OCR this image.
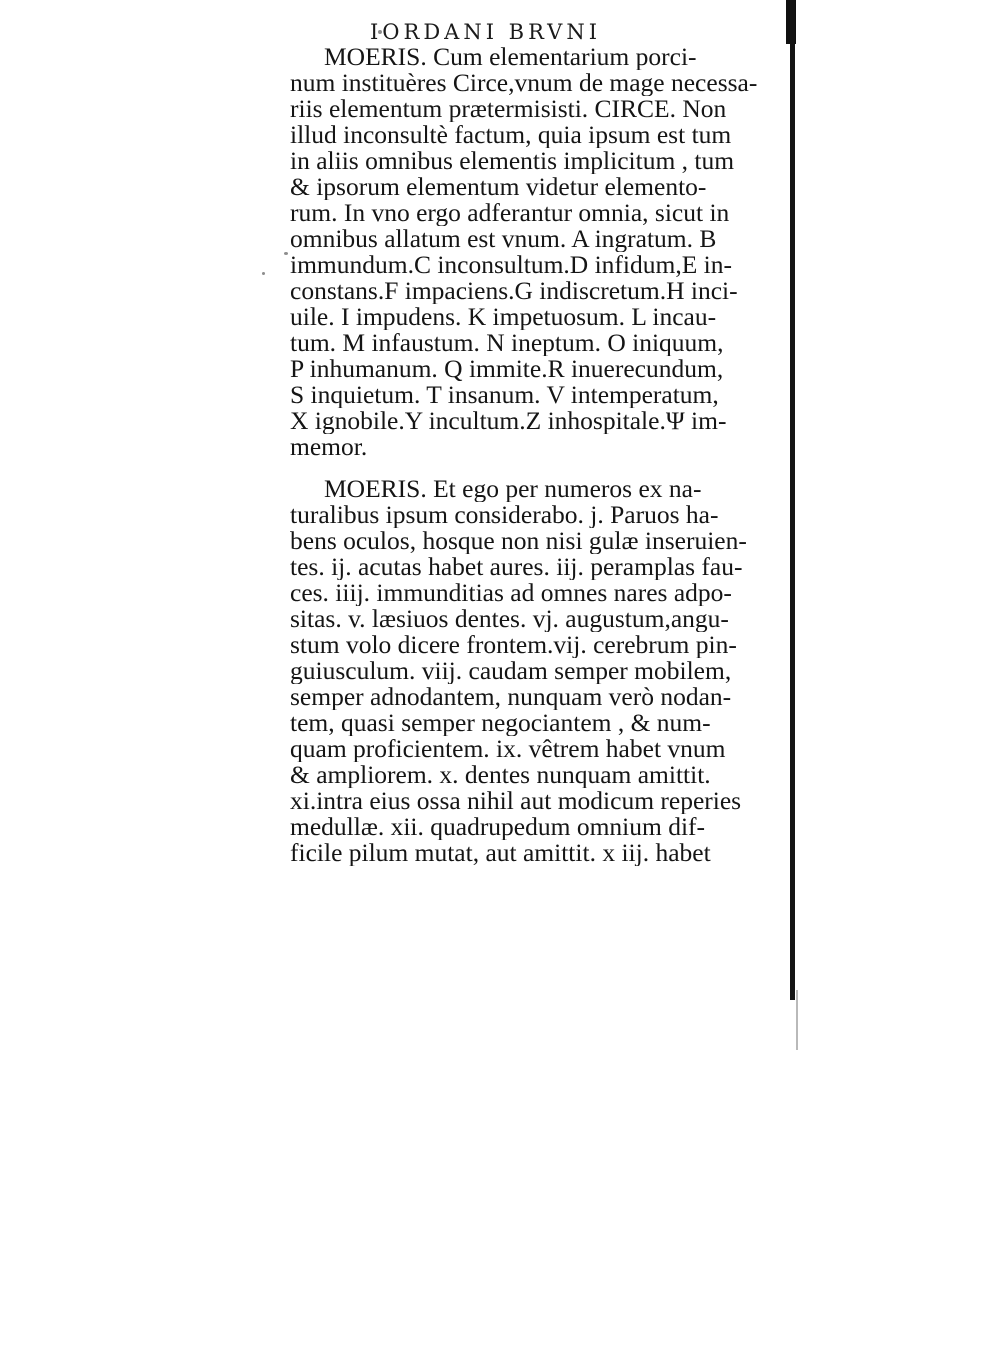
IORDANI BRVNI
MOERIS. Cum elementarium porci-
num instituères Circe,vnum de mage necessa-
riis elementum prætermisisti. CIRCE. Non
illud inconsultè factum, quia ipsum est tum
in aliis omnibus elementis implicitum , tum
& ipsorum elementum videtur elemento-
rum. In vno ergo adferantur omnia, sicut in
omnibus allatum est vnum. A ingratum. B
immundum.C inconsultum.D infidum,E in-
constans.F impaciens.G indiscretum.H inci-
uile. I impudens. K impetuosum. L incau-
tum. M infaustum. N ineptum. O iniquum,
P inhumanum. Q immite.R inuerecundum,
S inquietum. T insanum. V intemperatum,
X ignobile.Y incultum.Z inhospitale.Ψ im-
memor.
MOERIS. Et ego per numeros ex na-
turalibus ipsum considerabo. j. Paruos ha-
bens oculos, hosque non nisi gulæ inseruien-
tes. ij. acutas habet aures. iij. peramplas fau-
ces. iiij. immunditias ad omnes nares adpo-
sitas. v. læsiuos dentes. vj. augustum,angu-
stum volo dicere frontem.vij. cerebrum pin-
guiusculum. viij. caudam semper mobilem,
semper adnodantem, nunquam verò nodan-
tem, quasi semper negociantem , & num-
quam proficientem. ix. vêtrem habet vnum
& ampliorem. x. dentes nunquam amittit.
xi.intra eius ossa nihil aut modicum reperies
medullæ. xii. quadrupedum omnium dif-
ficile pilum mutat, aut amittit. x iij. habet
